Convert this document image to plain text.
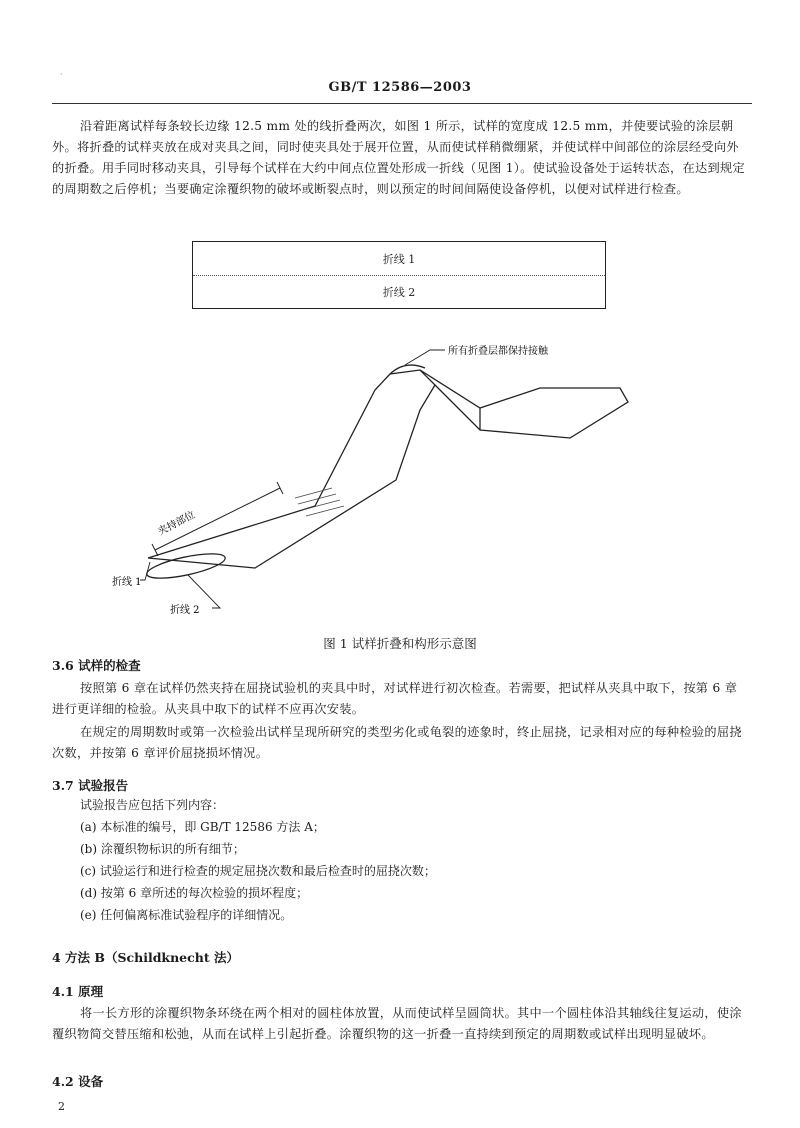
·
GB/T 12586—2003

沿着距离试样每条较长边缘 12.5 mm 处的线折叠两次，如图 1 所示，试样的宽度成 12.5 mm，并使要试验的涂层朝外。将折叠的试样夹放在成对夹具之间，同时使夹具处于展开位置，从而使试样稍微绷紧，并使试样中间部位的涂层经受向外的折叠。用手同时移动夹具，引导每个试样在大约中间点位置处形成一折线（见图 1）。使试验设备处于运转状态，在达到规定的周期数之后停机；当要确定涂覆织物的破坏或断裂点时，则以预定的时间间隔使设备停机，以便对试样进行检查。

折线 1
折线 2
夹持部位
所有折叠层都保持接触
折线 1
折线 2
图 1 试样折叠和构形示意图
3.6 试样的检查

按照第 6 章在试样仍然夹持在屈挠试验机的夹具中时，对试样进行初次检查。若需要，把试样从夹具中取下，按第 6 章进行更详细的检验。从夹具中取下的试样不应再次安装。

在规定的周期数时或第一次检验出试样呈现所研究的类型劣化或龟裂的迹象时，终止屈挠，记录相对应的每种检验的屈挠次数，并按第 6 章评价屈挠损坏情况。

3.7 试验报告
试验报告应包括下列内容：
(a) 本标准的编号，即 GB/T 12586 方法 A；
(b) 涂覆织物标识的所有细节；
(c) 试验运行和进行检查的规定屈挠次数和最后检查时的屈挠次数；
(d) 按第 6 章所述的每次检验的损坏程度；
(e) 任何偏离标准试验程序的详细情况。
4 方法 B（Schildknecht 法）
4.1 原理

将一长方形的涂覆织物条环绕在两个相对的圆柱体放置，从而使试样呈圆筒状。其中一个圆柱体沿其轴线往复运动，使涂覆织物简交替压缩和松弛，从而在试样上引起折叠。涂覆织物的这一折叠一直持续到预定的周期数或试样出现明显破坏。

4.2 设备
2
